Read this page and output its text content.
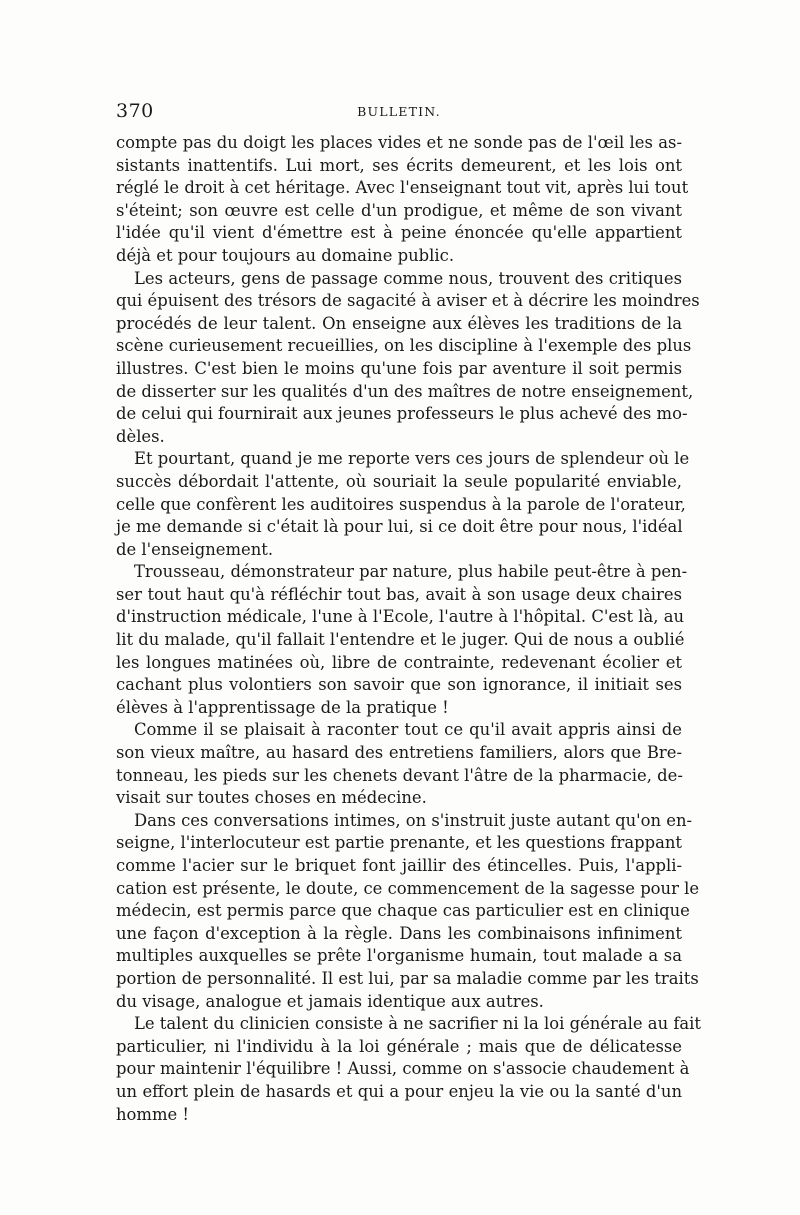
370	BULLETIN.
compte pas du doigt les places vides et ne sonde pas de l'œil les as-
sistants inattentifs. Lui mort, ses écrits demeurent, et les lois ont
réglé le droit à cet héritage. Avec l'enseignant tout vit, après lui tout
s'éteint; son œuvre est celle d'un prodigue, et même de son vivant
l'idée qu'il vient d'émettre est à peine énoncée qu'elle appartient
déjà et pour toujours au domaine public.
Les acteurs, gens de passage comme nous, trouvent des critiques
qui épuisent des trésors de sagacité à aviser et à décrire les moindres
procédés de leur talent. On enseigne aux élèves les traditions de la
scène curieusement recueillies, on les discipline à l'exemple des plus
illustres. C'est bien le moins qu'une fois par aventure il soit permis
de disserter sur les qualités d'un des maîtres de notre enseignement,
de celui qui fournirait aux jeunes professeurs le plus achevé des mo-
dèles.
Et pourtant, quand je me reporte vers ces jours de splendeur où le
succès débordait l'attente, où souriait la seule popularité enviable,
celle que confèrent les auditoires suspendus à la parole de l'orateur,
je me demande si c'était là pour lui, si ce doit être pour nous, l'idéal
de l'enseignement.
Trousseau, démonstrateur par nature, plus habile peut-être à pen-
ser tout haut qu'à réfléchir tout bas, avait à son usage deux chaires
d'instruction médicale, l'une à l'Ecole, l'autre à l'hôpital. C'est là, au
lit du malade, qu'il fallait l'entendre et le juger. Qui de nous a oublié
les longues matinées où, libre de contrainte, redevenant écolier et
cachant plus volontiers son savoir que son ignorance, il initiait ses
élèves à l'apprentissage de la pratique !
Comme il se plaisait à raconter tout ce qu'il avait appris ainsi de
son vieux maître, au hasard des entretiens familiers, alors que Bre-
tonneau, les pieds sur les chenets devant l'âtre de la pharmacie, de-
visait sur toutes choses en médecine.
Dans ces conversations intimes, on s'instruit juste autant qu'on en-
seigne, l'interlocuteur est partie prenante, et les questions frappant
comme l'acier sur le briquet font jaillir des étincelles. Puis, l'appli-
cation est présente, le doute, ce commencement de la sagesse pour le
médecin, est permis parce que chaque cas particulier est en clinique
une façon d'exception à la règle. Dans les combinaisons infiniment
multiples auxquelles se prête l'organisme humain, tout malade a sa
portion de personnalité. Il est lui, par sa maladie comme par les traits
du visage, analogue et jamais identique aux autres.
Le talent du clinicien consiste à ne sacrifier ni la loi générale au fait
particulier, ni l'individu à la loi générale ; mais que de délicatesse
pour maintenir l'équilibre ! Aussi, comme on s'associe chaudement à
un effort plein de hasards et qui a pour enjeu la vie ou la santé d'un
homme !
